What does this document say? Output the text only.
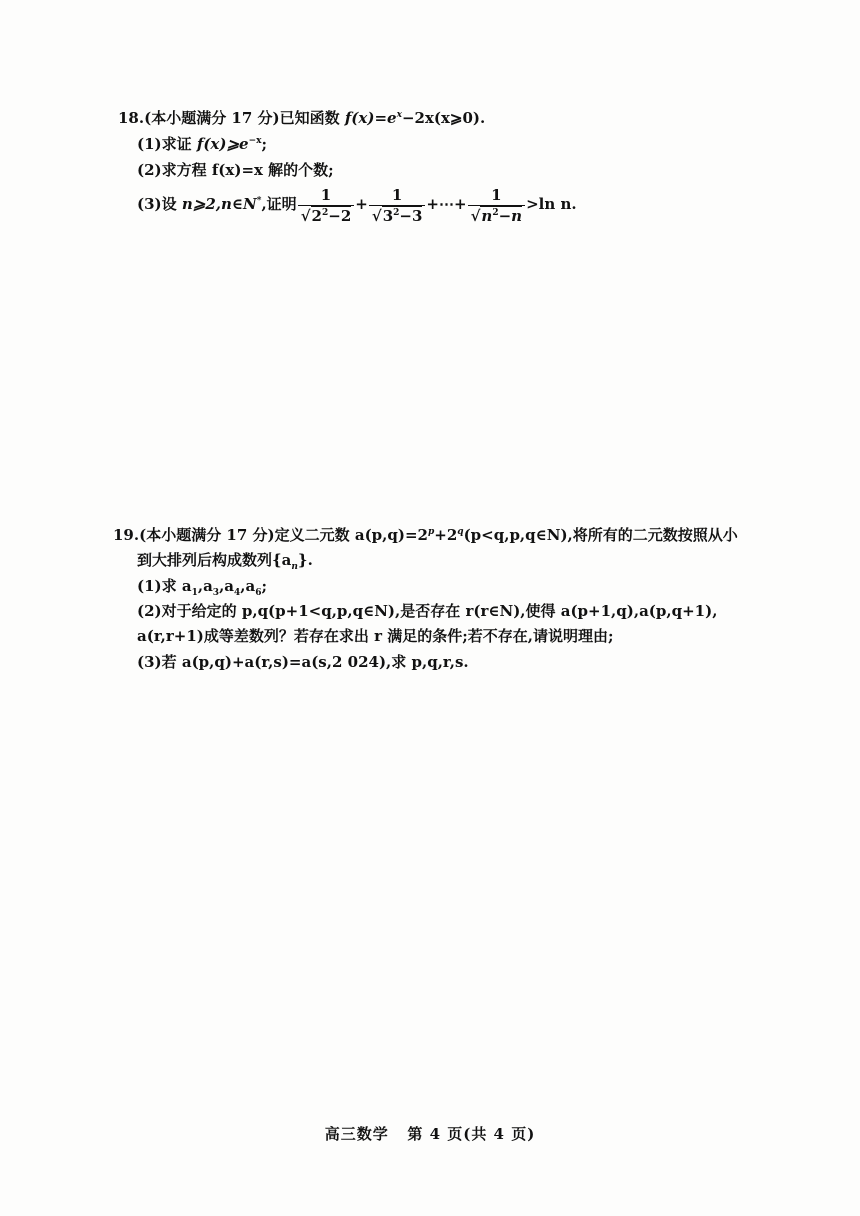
18.(本小题满分 17 分)已知函数 $f(x)=e^x-2x(x⩾0)$.
(1)求证 $f(x)⩾e^{-x}$;
(2)求方程 f(x)=x 解的个数;
(3)设 n⩾2,n∈N*,证明 $\frac{1}{√2^2-2} + \frac{1}{√3^2-3}$ +⋯+ $\frac{1}{√n^2-n} >\ln$ n.
19.(本小题满分 17 分)定义二元数 $a(p,q)=2^p+2^q(p<q,p,q\in N)$,将所有的二元数按照从小
到大排列后构成数列$\{a_n\}$.
(1)求 $a_1,a_3,a_4,a_6$;
(2)对于给定的 p,q(p+1<q,p,q∈N),是否存在 r(r∈N),使得 a(p+1,q),a(p,q+1),
a(r,r+1)成等差数列？若存在求出 r 满足的条件;若不存在,请说明理由;
(3)若 a(p,q)+a(r,s)=a(s,2 024),求 p,q,r,s.
高三数学   第 4 页(共 4 页)
